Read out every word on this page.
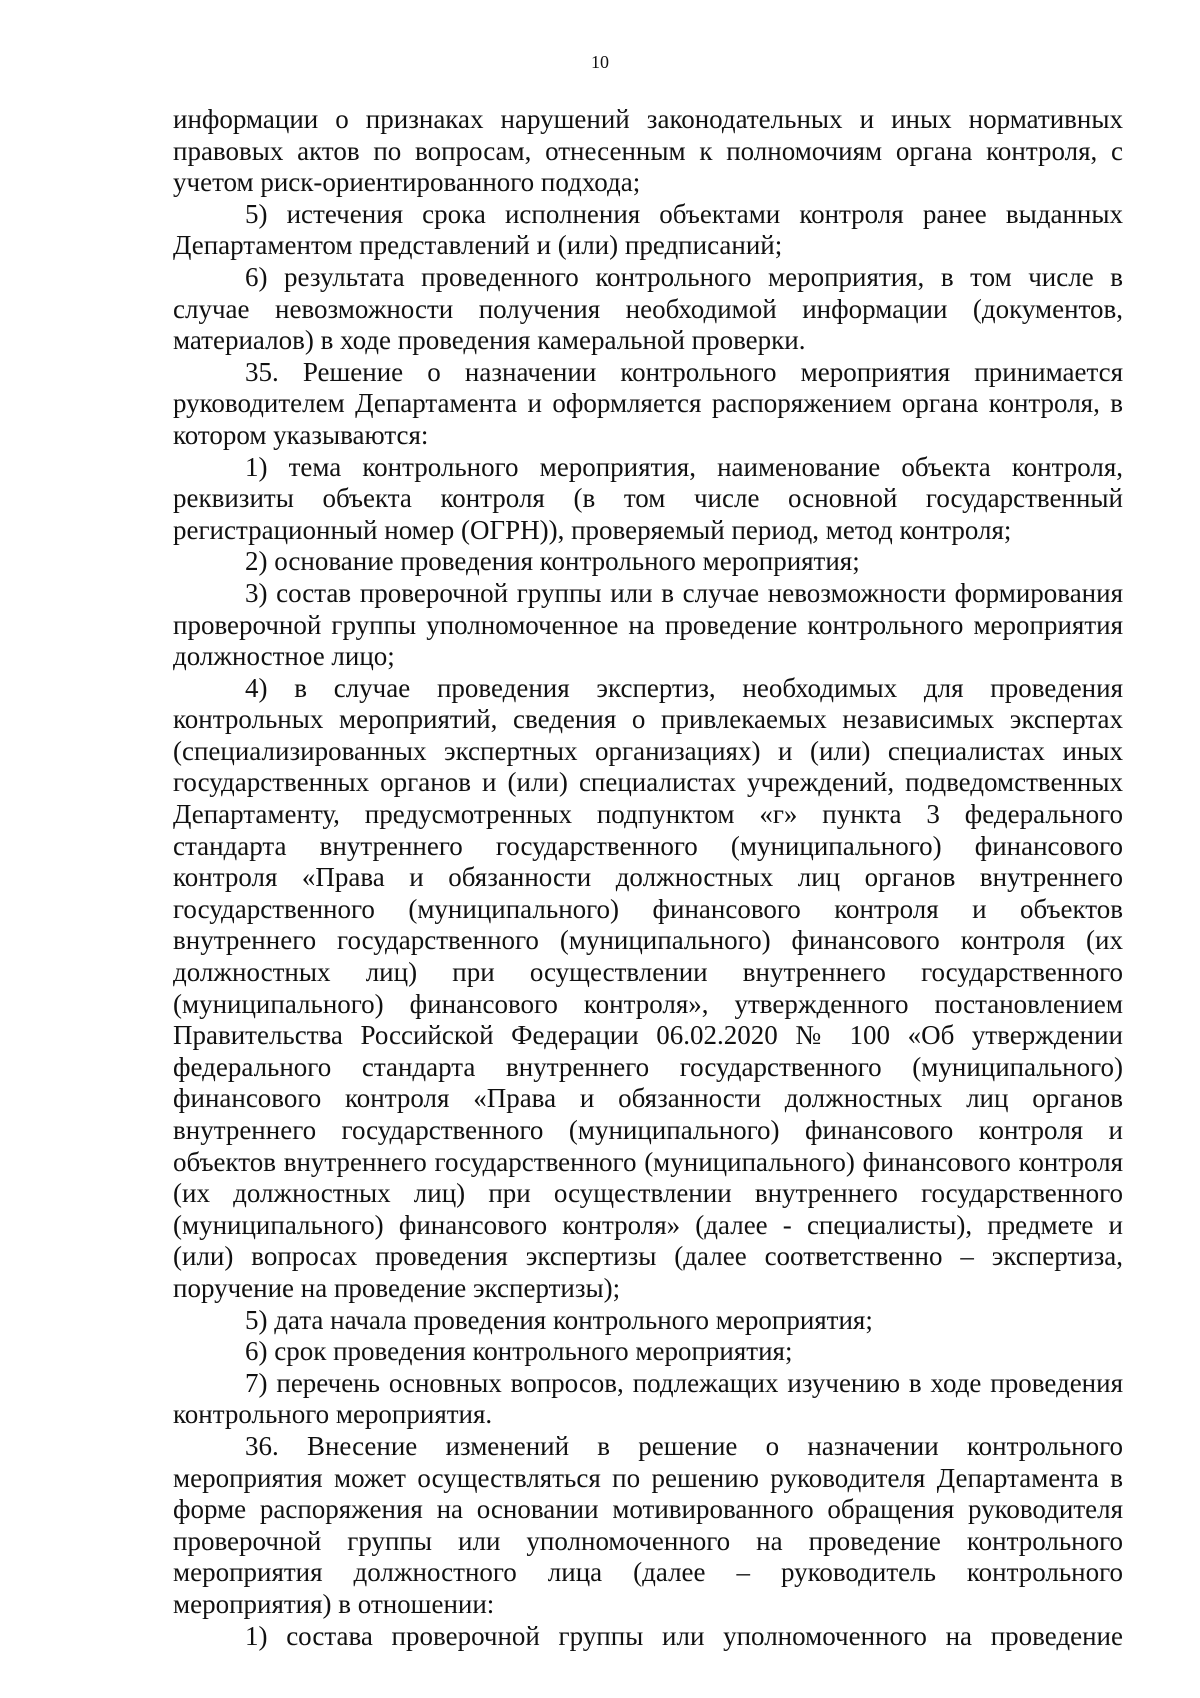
10

информации о признаках нарушений законодательных и иных нормативных правовых актов по вопросам, отнесенным к полномочиям органа контроля, с учетом риск-ориентированного подхода;

5) истечения срока исполнения объектами контроля ранее выданных Департаментом представлений и (или) предписаний;

6) результата проведенного контрольного мероприятия, в том числе в случае невозможности получения необходимой информации (документов, материалов) в ходе проведения камеральной проверки.

35. Решение о назначении контрольного мероприятия принимается руководителем Департамента и оформляется распоряжением органа контроля, в котором указываются:

1) тема контрольного мероприятия, наименование объекта контроля, реквизиты объекта контроля (в том числе основной государственный регистрационный номер (ОГРН)), проверяемый период, метод контроля;

2) основание проведения контрольного мероприятия;

3) состав проверочной группы или в случае невозможности формирования проверочной группы уполномоченное на проведение контрольного мероприятия должностное лицо;

4) в случае проведения экспертиз, необходимых для проведения контрольных мероприятий, сведения о привлекаемых независимых экспертах (специализированных экспертных организациях) и (или) специалистах иных государственных органов и (или) специалистах учреждений, подведомственных Департаменту, предусмотренных подпунктом «г» пункта 3 федерального стандарта внутреннего государственного (муниципального) финансового контроля «Права и обязанности должностных лиц органов внутреннего государственного (муниципального) финансового контроля и объектов внутреннего государственного (муниципального) финансового контроля (их должностных лиц) при осуществлении внутреннего государственного (муниципального) финансового контроля», утвержденного постановлением Правительства Российской Федерации 06.02.2020 № 100 «Об утверждении федерального стандарта внутреннего государственного (муниципального) финансового контроля «Права и обязанности должностных лиц органов внутреннего государственного (муниципального) финансового контроля и объектов внутреннего государственного (муниципального) финансового контроля (их должностных лиц) при осуществлении внутреннего государственного (муниципального) финансового контроля» (далее - специалисты), предмете и (или) вопросах проведения экспертизы (далее соответственно – экспертиза, поручение на проведение экспертизы);

5) дата начала проведения контрольного мероприятия;

6) срок проведения контрольного мероприятия;

7) перечень основных вопросов, подлежащих изучению в ходе проведения контрольного мероприятия.

36. Внесение изменений в решение о назначении контрольного мероприятия может осуществляться по решению руководителя Департамента в форме распоряжения на основании мотивированного обращения руководителя проверочной группы или уполномоченного на проведение контрольного мероприятия должностного лица (далее – руководитель контрольного мероприятия) в отношении:

1) состава проверочной группы или уполномоченного на проведение
